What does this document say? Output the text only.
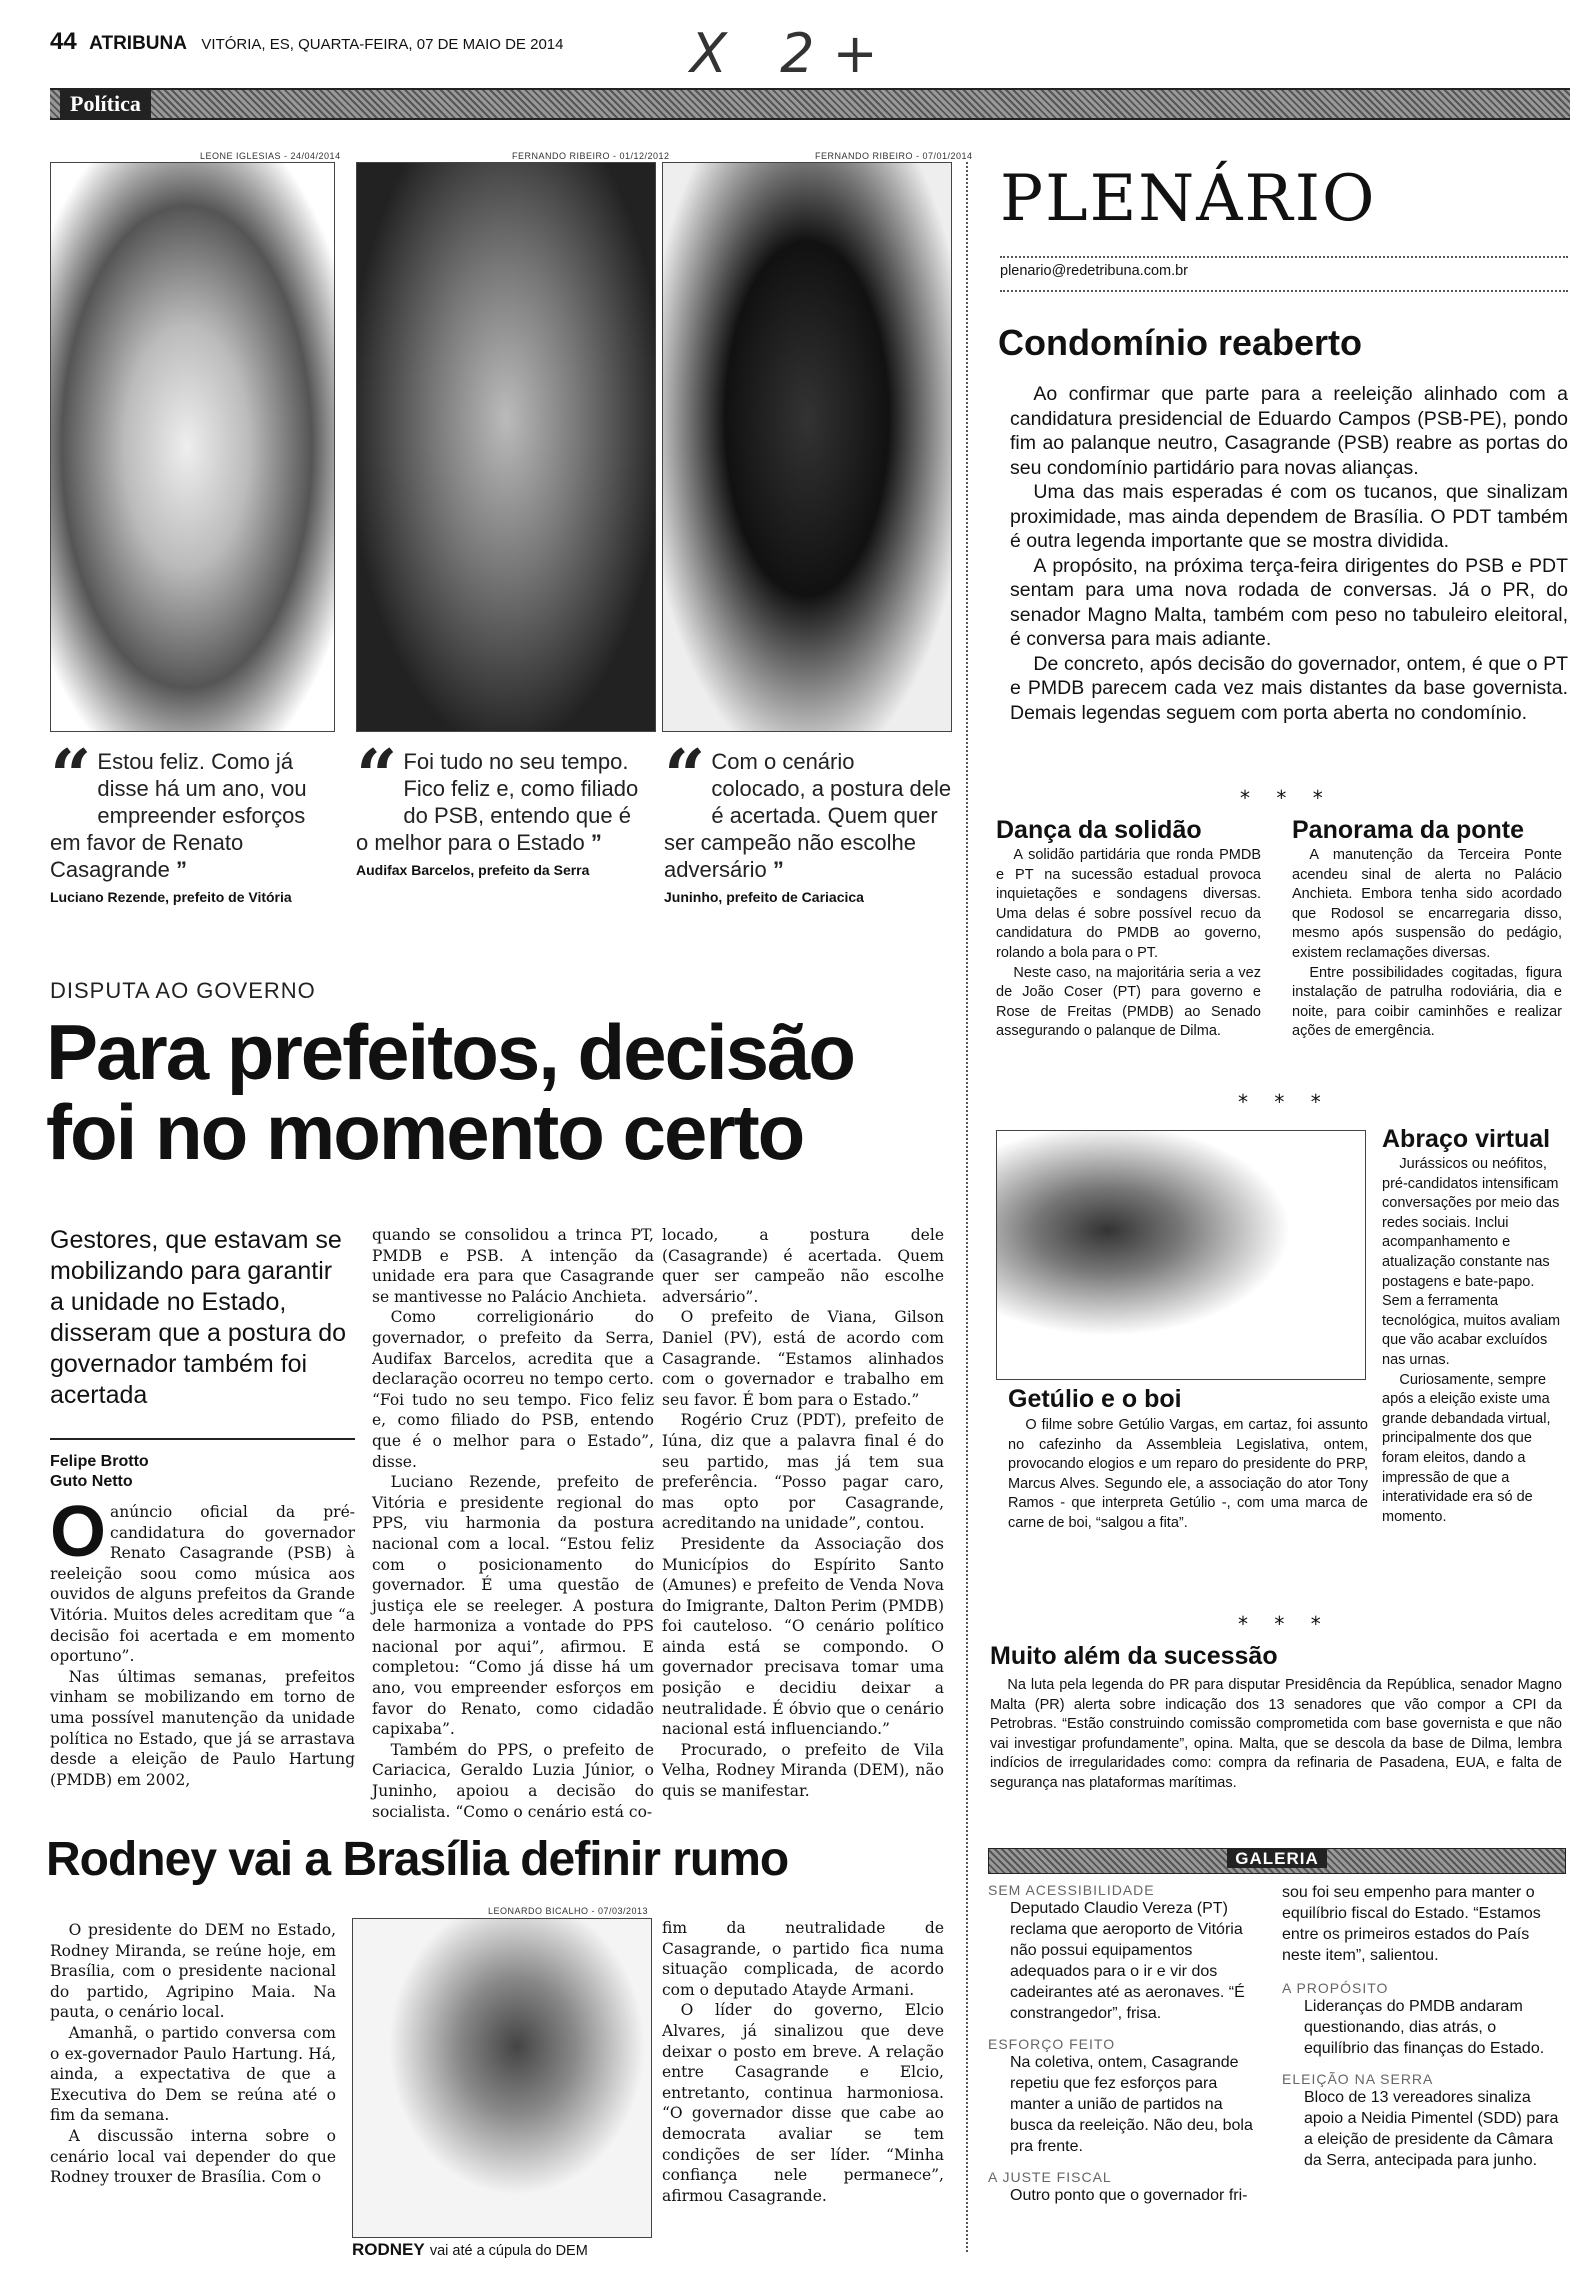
44 ATRIBUNA VITÓRIA, ES, QUARTA-FEIRA, 07 DE MAIO DE 2014	X 2+
Política
LEONE IGLESIAS - 24/04/2014	FERNANDO RIBEIRO - 01/12/2012	FERNANDO RIBEIRO - 07/01/2014
“ Estou feliz. Como já disse há um ano, vou empreender esforços em favor de Renato Casagrande ”
Luciano Rezende, prefeito de Vitória
“ Foi tudo no seu tempo. Fico feliz e, como filiado do PSB, entendo que é o melhor para o Estado ”
Audifax Barcelos, prefeito da Serra
“ Com o cenário colocado, a postura dele é acertada. Quem quer ser campeão não escolhe adversário ”
Juninho, prefeito de Cariacica
DISPUTA AO GOVERNO
Para prefeitos, decisão
foi no momento certo
Gestores, que estavam se mobilizando para garantir a unidade no Estado, disseram que a postura do governador também foi acertada
Felipe Brotto
Guto Netto

Oanúncio oficial da pré-candidatura do governador Renato Casagrande (PSB) à reeleição soou como música aos ouvidos de alguns prefeitos da Grande Vitória. Muitos deles acreditam que “a decisão foi acertada e em momento oportuno”.

Nas últimas semanas, prefeitos vinham se mobilizando em torno de uma possível manutenção da unidade política no Estado, que já se arrastava desde a eleição de Paulo Hartung (PMDB) em 2002,

quando se consolidou a trinca PT, PMDB e PSB. A intenção da unidade era para que Casagrande se mantivesse no Palácio Anchieta.

Como correligionário do governador, o prefeito da Serra, Audifax Barcelos, acredita que a declaração ocorreu no tempo certo. “Foi tudo no seu tempo. Fico feliz e, como filiado do PSB, entendo que é o melhor para o Estado”, disse.

Luciano Rezende, prefeito de Vitória e presidente regional do PPS, viu harmonia da postura nacional com a local. “Estou feliz com o posicionamento do governador. É uma questão de justiça ele se reeleger. A postura dele harmoniza a vontade do PPS nacional por aqui”, afirmou. E completou: “Como já disse há um ano, vou empreender esforços em favor do Renato, como cidadão capixaba”.

Também do PPS, o prefeito de Cariacica, Geraldo Luzia Júnior, o Juninho, apoiou a decisão do socialista. “Como o cenário está co-

locado, a postura dele (Casagrande) é acertada. Quem quer ser campeão não escolhe adversário”.

O prefeito de Viana, Gilson Daniel (PV), está de acordo com Casagrande. “Estamos alinhados com o governador e trabalho em seu favor. É bom para o Estado.”

Rogério Cruz (PDT), prefeito de Iúna, diz que a palavra final é do seu partido, mas já tem sua preferência. “Posso pagar caro, mas opto por Casagrande, acreditando na unidade”, contou.

Presidente da Associação dos Municípios do Espírito Santo (Amunes) e prefeito de Venda Nova do Imigrante, Dalton Perim (PMDB) foi cauteloso. “O cenário político ainda está se compondo. O governador precisava tomar uma posição e decidiu deixar a neutralidade. É óbvio que o cenário nacional está influenciando.”

Procurado, o prefeito de Vila Velha, Rodney Miranda (DEM), não quis se manifestar.

Rodney vai a Brasília definir rumo

O presidente do DEM no Estado, Rodney Miranda, se reúne hoje, em Brasília, com o presidente nacional do partido, Agripino Maia. Na pauta, o cenário local.

Amanhã, o partido conversa com o ex-governador Paulo Hartung. Há, ainda, a expectativa de que a Executiva do Dem se reúna até o fim da semana.

A discussão interna sobre o cenário local vai depender do que Rodney trouxer de Brasília. Com o

LEONARDO BICALHO - 07/03/2013
RODNEY vai até a cúpula do DEM

fim da neutralidade de Casagrande, o partido fica numa situação complicada, de acordo com o deputado Atayde Armani.

O líder do governo, Elcio Alvares, já sinalizou que deve deixar o posto em breve. A relação entre Casagrande e Elcio, entretanto, continua harmoniosa. “O governador disse que cabe ao democrata avaliar se tem condições de ser líder. “Minha confiança nele permanece”, afirmou Casagrande.

PLENÁRIO
plenario@redetribuna.com.br
Condomínio reaberto

Ao confirmar que parte para a reeleição alinhado com a candidatura presidencial de Eduardo Campos (PSB-PE), pondo fim ao palanque neutro, Casagrande (PSB) reabre as portas do seu condomínio partidário para novas alianças.

Uma das mais esperadas é com os tucanos, que sinalizam proximidade, mas ainda dependem de Brasília. O PDT também é outra legenda importante que se mostra dividida.

A propósito, na próxima terça-feira dirigentes do PSB e PDT sentam para uma nova rodada de conversas. Já o PR, do senador Magno Malta, também com peso no tabuleiro eleitoral, é conversa para mais adiante.

De concreto, após decisão do governador, ontem, é que o PT e PMDB parecem cada vez mais distantes da base governista. Demais legendas seguem com porta aberta no condomínio.

* * *
Dança da solidão

A solidão partidária que ronda PMDB e PT na sucessão estadual provoca inquietações e sondagens diversas. Uma delas é sobre possível recuo da candidatura do PMDB ao governo, rolando a bola para o PT.

Neste caso, na majoritária seria a vez de João Coser (PT) para governo e Rose de Freitas (PMDB) ao Senado assegurando o palanque de Dilma.

Panorama da ponte

A manutenção da Terceira Ponte acendeu sinal de alerta no Palácio Anchieta. Embora tenha sido acordado que Rodosol se encarregaria disso, mesmo após suspensão do pedágio, existem reclamações diversas.

Entre possibilidades cogitadas, figura instalação de patrulha rodoviária, dia e noite, para coibir caminhões e realizar ações de emergência.

* * *
Abraço virtual

Jurássicos ou neófitos, pré-candidatos intensificam conversações por meio das redes sociais. Inclui acompanhamento e atualização constante nas postagens e bate-papo. Sem a ferramenta tecnológica, muitos avaliam que vão acabar excluídos nas urnas.

Curiosamente, sempre após a eleição existe uma grande debandada virtual, principalmente dos que foram eleitos, dando a impressão de que a interatividade era só de momento.

Getúlio e o boi

O filme sobre Getúlio Vargas, em cartaz, foi assunto no cafezinho da Assembleia Legislativa, ontem, provocando elogios e um reparo do presidente do PRP, Marcus Alves. Segundo ele, a associação do ator Tony Ramos - que interpreta Getúlio -, com uma marca de carne de boi, “salgou a fita”.

* * *
Muito além da sucessão

Na luta pela legenda do PR para disputar Presidência da República, senador Magno Malta (PR) alerta sobre indicação dos 13 senadores que vão compor a CPI da Petrobras. “Estão construindo comissão comprometida com base governista e que não vai investigar profundamente”, opina. Malta, que se descola da base de Dilma, lembra indícios de irregularidades como: compra da refinaria de Pasadena, EUA, e falta de segurança nas plataformas marítimas.

GALERIA
SEM ACESSIBILIDADE
Deputado Claudio Vereza (PT) reclama que aeroporto de Vitória não possui equipamentos adequados para o ir e vir dos cadeirantes até as aeronaves. “É constrangedor”, frisa.
ESFORÇO FEITO
Na coletiva, ontem, Casagrande repetiu que fez esforços para manter a união de partidos na busca da reeleição. Não deu, bola pra frente.
A JUSTE FISCAL
Outro ponto que o governador fri-
sou foi seu empenho para manter o equilíbrio fiscal do Estado. “Estamos entre os primeiros estados do País neste item”, salientou.
A PROPÓSITO
Lideranças do PMDB andaram questionando, dias atrás, o equilíbrio das finanças do Estado.
ELEIÇÃO NA SERRA
Bloco de 13 vereadores sinaliza apoio a Neidia Pimentel (SDD) para a eleição de presidente da Câmara da Serra, antecipada para junho.
